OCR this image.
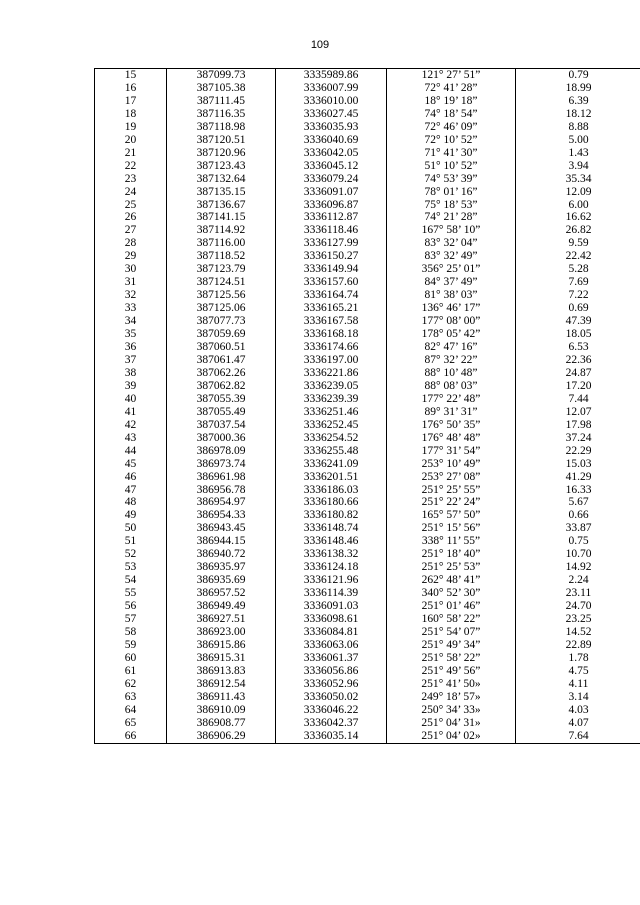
109
15	387099.73	3335989.86	121° 27’ 51”	0.79
16	387105.38	3336007.99	72° 41’ 28”	18.99
17	387111.45	3336010.00	18° 19’ 18”	6.39
18	387116.35	3336027.45	74° 18’ 54”	18.12
19	387118.98	3336035.93	72° 46’ 09”	8.88
20	387120.51	3336040.69	72° 10’ 52”	5.00
21	387120.96	3336042.05	71° 41’ 30”	1.43
22	387123.43	3336045.12	51° 10’ 52”	3.94
23	387132.64	3336079.24	74° 53’ 39”	35.34
24	387135.15	3336091.07	78° 01’ 16”	12.09
25	387136.67	3336096.87	75° 18’ 53”	6.00
26	387141.15	3336112.87	74° 21’ 28”	16.62
27	387114.92	3336118.46	167° 58’ 10”	26.82
28	387116.00	3336127.99	83° 32’ 04”	9.59
29	387118.52	3336150.27	83° 32’ 49”	22.42
30	387123.79	3336149.94	356° 25’ 01”	5.28
31	387124.51	3336157.60	84° 37’ 49”	7.69
32	387125.56	3336164.74	81° 38’ 03”	7.22
33	387125.06	3336165.21	136° 46’ 17”	0.69
34	387077.73	3336167.58	177° 08’ 00”	47.39
35	387059.69	3336168.18	178° 05’ 42”	18.05
36	387060.51	3336174.66	82° 47’ 16”	6.53
37	387061.47	3336197.00	87° 32’ 22”	22.36
38	387062.26	3336221.86	88° 10’ 48”	24.87
39	387062.82	3336239.05	88° 08’ 03”	17.20
40	387055.39	3336239.39	177° 22’ 48”	7.44
41	387055.49	3336251.46	89° 31’ 31”	12.07
42	387037.54	3336252.45	176° 50’ 35”	17.98
43	387000.36	3336254.52	176° 48’ 48”	37.24
44	386978.09	3336255.48	177° 31’ 54”	22.29
45	386973.74	3336241.09	253° 10’ 49”	15.03
46	386961.98	3336201.51	253° 27’ 08”	41.29
47	386956.78	3336186.03	251° 25’ 55”	16.33
48	386954.97	3336180.66	251° 22’ 24”	5.67
49	386954.33	3336180.82	165° 57’ 50”	0.66
50	386943.45	3336148.74	251° 15’ 56”	33.87
51	386944.15	3336148.46	338° 11’ 55”	0.75
52	386940.72	3336138.32	251° 18’ 40”	10.70
53	386935.97	3336124.18	251° 25’ 53”	14.92
54	386935.69	3336121.96	262° 48’ 41”	2.24
55	386957.52	3336114.39	340° 52’ 30”	23.11
56	386949.49	3336091.03	251° 01’ 46”	24.70
57	386927.51	3336098.61	160° 58’ 22”	23.25
58	386923.00	3336084.81	251° 54’ 07”	14.52
59	386915.86	3336063.06	251° 49’ 34”	22.89
60	386915.31	3336061.37	251° 58’ 22”	1.78
61	386913.83	3336056.86	251° 49’ 56”	4.75
62	386912.54	3336052.96	251° 41’ 50»	4.11
63	386911.43	3336050.02	249° 18’ 57»	3.14
64	386910.09	3336046.22	250° 34’ 33»	4.03
65	386908.77	3336042.37	251° 04’ 31»	4.07
66	386906.29	3336035.14	251° 04’ 02»	7.64
